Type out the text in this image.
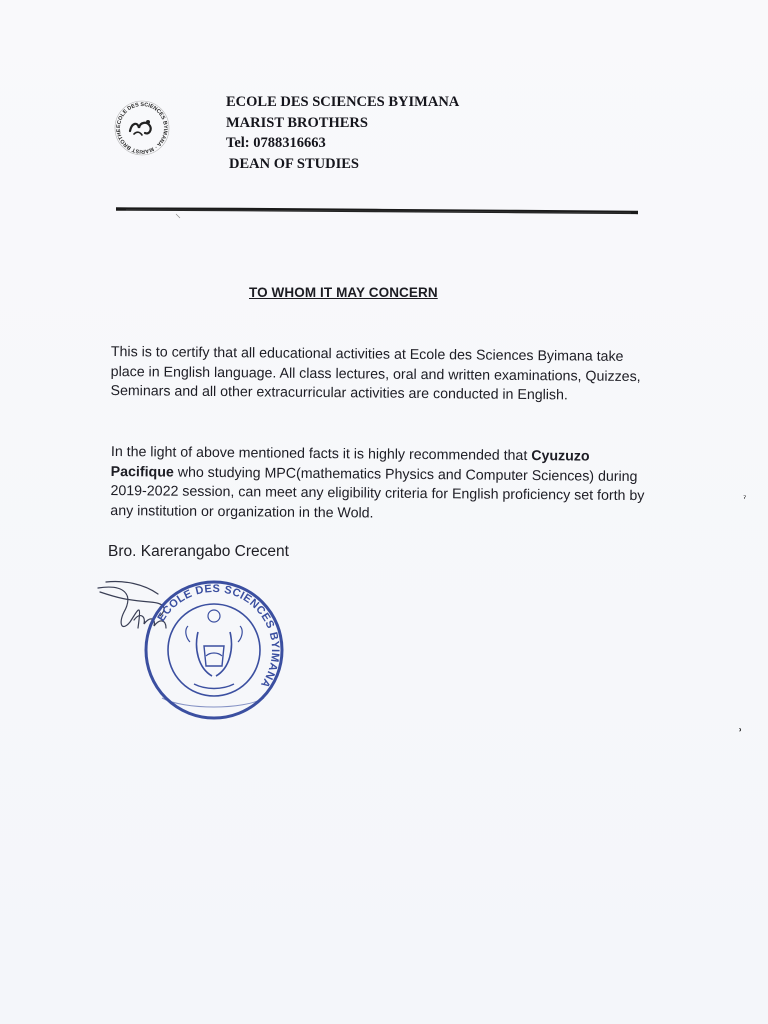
ECOLE DES SCIENCES BYIMANA · MARIST BROTHE
ECOLE DES SCIENCES BYIMANA
MARIST BROTHERS
Tel: 0788316663
DEAN OF STUDIES
TO WHOM IT MAY CONCERN

This is to certify that all educational activities at Ecole des Sciences Byimana take place in English language. All class lectures, oral and written examinations, Quizzes, Seminars and all other extracurricular activities are conducted in English.

In the light of above mentioned facts it is highly recommended that Cyuzuzo Pacifique who studying MPC(mathematics Physics and Computer Sciences) during 2019-2022 session, can meet any eligibility criteria for English proficiency set forth by any institution or organization in the Wold.

Bro. Karerangabo Crecent
ECOLE DES SCIENCES BYIMANA
ˀ
˒
